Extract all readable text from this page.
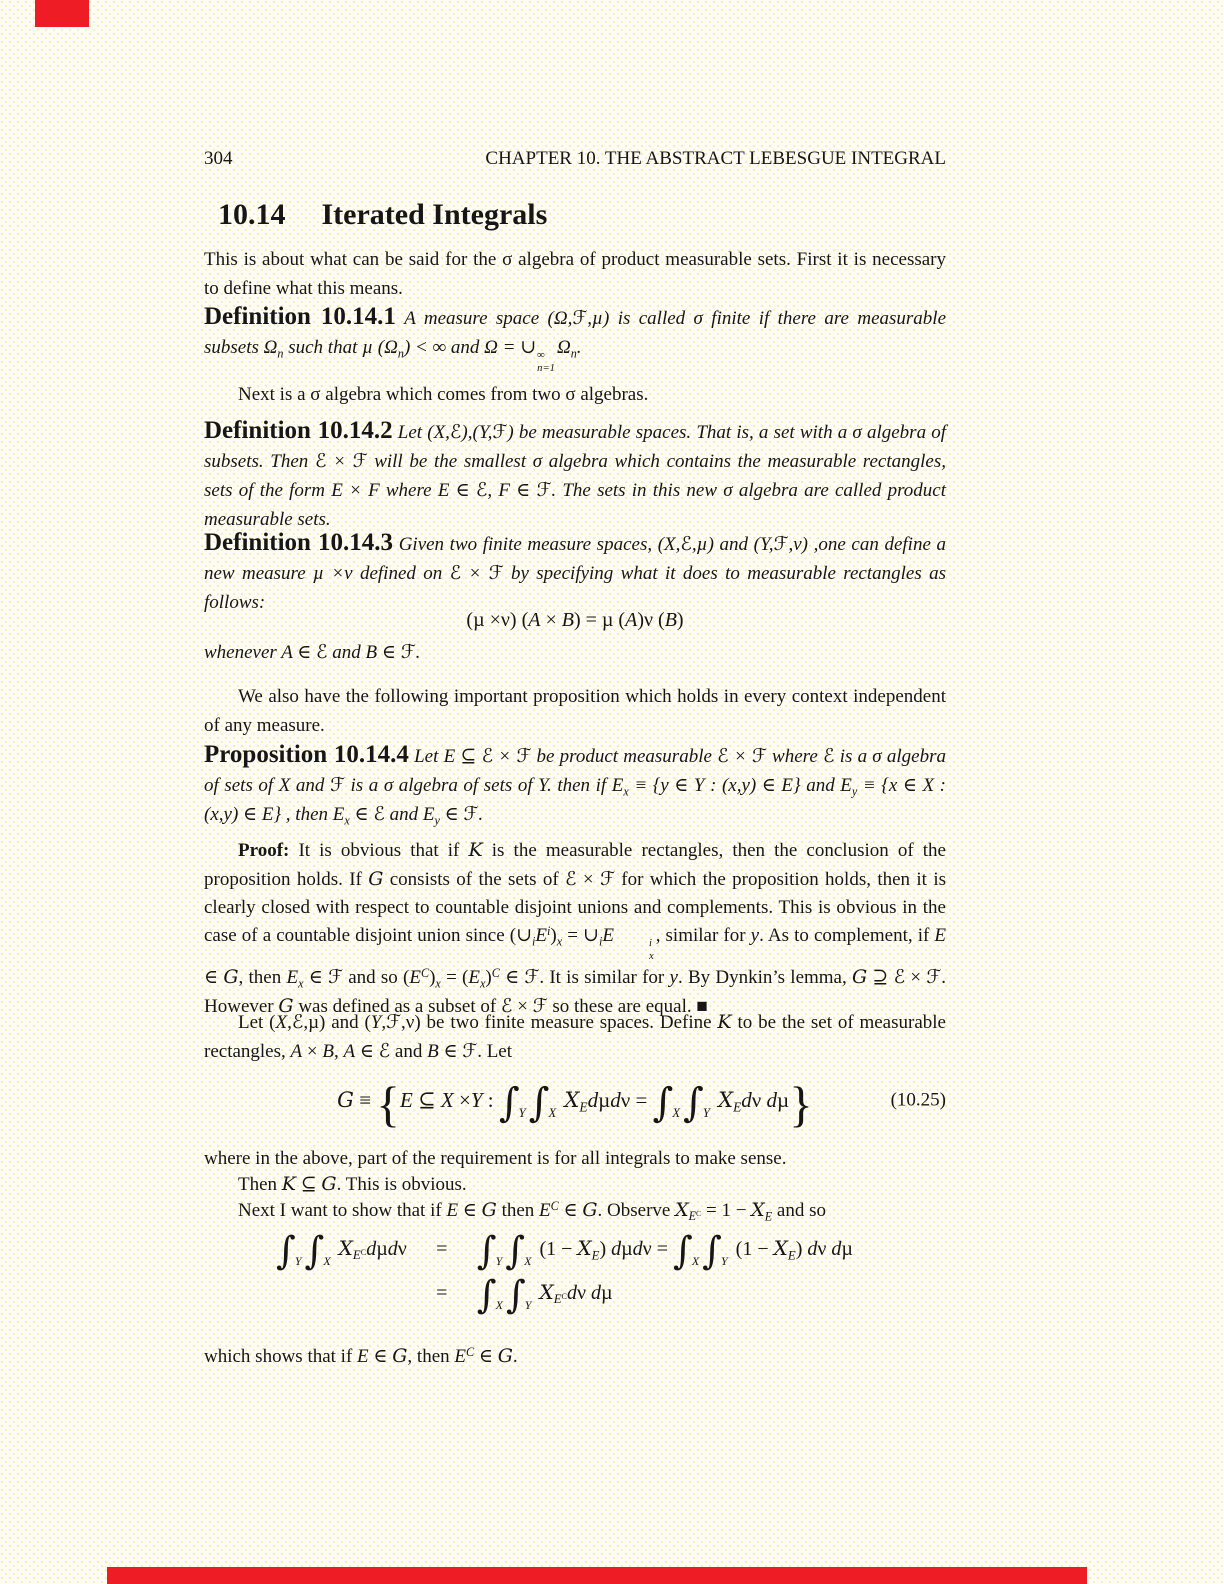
304	CHAPTER 10. THE ABSTRACT LEBESGUE INTEGRAL
10.14 Iterated Integrals

This is about what can be said for the σ algebra of product measurable sets. First it is necessary to define what this means.

Definition 10.14.1 A measure space (Ω,ℱ,µ) is called σ finite if there are measurable subsets $\Omega_n$ such that µ $(\Omega_n)$ < ∞ and Ω = ∪ ∞
n=1
$\Omega_n$.

Next is a σ algebra which comes from two σ algebras.

Definition 10.14.2 Let (X,ℰ),(Y,ℱ) be measurable spaces. That is, a set with a σ algebra of subsets. Then ℰ × ℱ will be the smallest σ algebra which contains the measurable rectangles, sets of the form E × F where E ∈ ℰ, F ∈ ℱ. The sets in this new σ algebra are called product measurable sets.

Definition 10.14.3 Given two finite measure spaces, (X,ℰ,µ) and (Y,ℱ,ν) ,one can define a new measure µ ×ν defined on ℰ × ℱ by specifying what it does to measurable rectangles as follows:

(µ ×ν) (A × B) = µ (A)ν (B)

whenever A ∈ ℰ and B ∈ ℱ.

We also have the following important proposition which holds in every context independent of any measure.

Proposition 10.14.4 Let E ⊆ ℰ × ℱ be product measurable ℰ × ℱ where ℰ is a σ algebra of sets of X and ℱ is a σ algebra of sets of Y. then if $E_x \equiv \{y$ ∈ Y : (x,y) ∈ E} and $E_y \equiv \{x$ ∈ X : (x,y) ∈ E} , then $E_x$ ∈ ℰ and $E_y$ ∈ ℱ.

Proof: It is obvious that if K is the measurable rectangles, then the conclusion of the proposition holds. If G consists of the sets of ℰ × ℱ for which the proposition holds, then it is clearly closed with respect to countable disjoint unions and complements. This is obvious in the case of a countable disjoint union since $(\cup_iE^i)_x$ = $\cup_iE$	i
x
, similar for y. As to complement, if E ∈ G, then $E_x$ ∈ ℱ and so $(E^C)_x = (E_x)^C$ ∈ ℱ. It is similar for y. By Dynkin’s lemma, G ⊇ ℰ × ℱ. However G was defined as a subset of ℰ × ℱ so these are equal. ■

Let (X,ℰ,µ) and (Y,ℱ,ν) be two finite measure spaces. Define K to be the set of measurable rectangles, A × B, A ∈ ℰ and B ∈ ℱ. Let

G ≡ {E ⊆ X ×Y : $\int_Y\int_X$ $X_Ed\mu d\nu = \int_X\int_Y$ $X_Ed\nu$ dµ}	(10.25)

where in the above, part of the requirement is for all integrals to make sense.

Then K ⊆ G. This is obvious.

Next I want to show that if E ∈ G then $E^C$ ∈ G. Observe $X_{E^C} = 1 - X_E$ and so

$\int_Y\int_X$ $X_{E^C}d\mu d\nu$	= $\int_Y\int_X$ $(1 - X_E)$ $d\mu d\nu = \int_X\int_Y$ $(1 - X_E)$ dν dµ
= $\int_X\int_Y$ $X_{E^C}d\nu$ dµ

which shows that if E ∈ G, then $E^C$ ∈ G.
